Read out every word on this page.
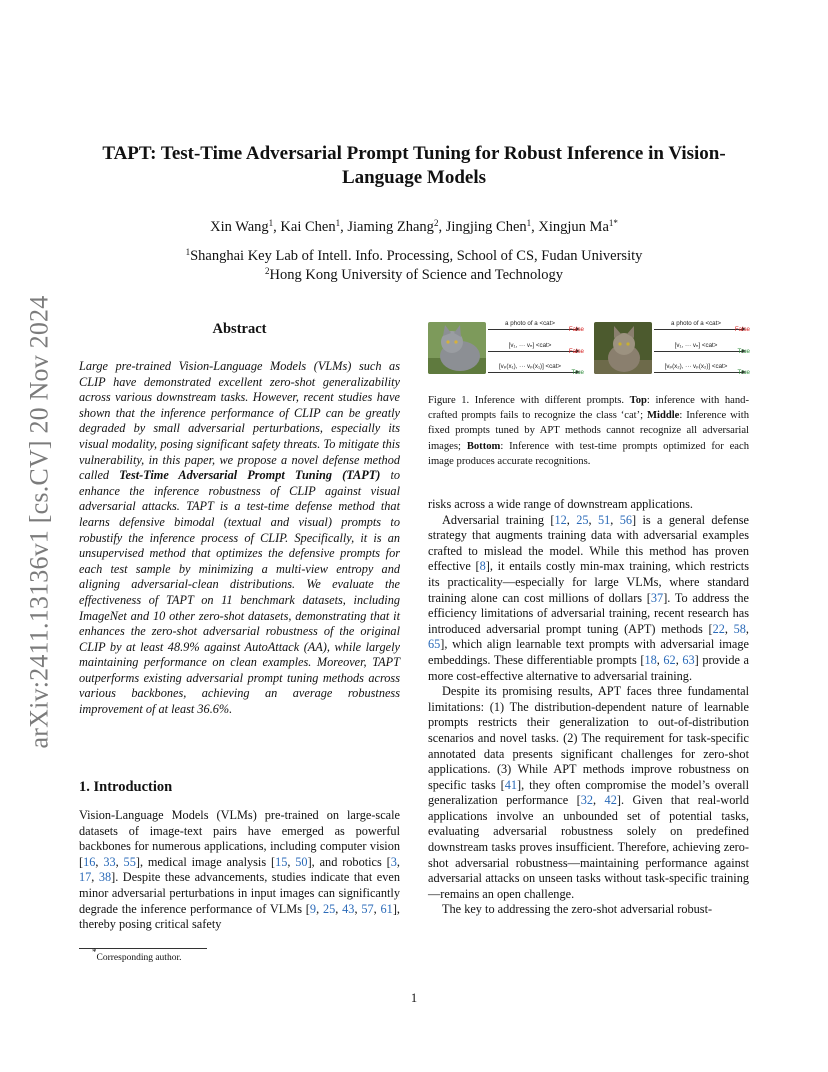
arXiv:2411.13136v1 [cs.CV] 20 Nov 2024
TAPT: Test-Time Adversarial Prompt Tuning for Robust Inference in Vision-Language Models
Xin Wang$^1$, Kai Chen$^1$, Jiaming Zhang$^2$, Jingjing Chen$^1$, Xingjun $Ma^{1*}$
$^1$Shanghai Key Lab of Intell. Info. Processing, School of CS, Fudan University
$^2$Hong Kong University of Science and Technology
Abstract
Large pre-trained Vision-Language Models (VLMs) such as CLIP have demonstrated excellent zero-shot generalizability across various downstream tasks. However, recent studies have shown that the inference performance of CLIP can be greatly degraded by small adversarial perturbations, especially its visual modality, posing significant safety threats. To mitigate this vulnerability, in this paper, we propose a novel defense method called Test-Time Adversarial Prompt Tuning (TAPT) to enhance the inference robustness of CLIP against visual adversarial attacks. TAPT is a test-time defense method that learns defensive bimodal (textual and visual) prompts to robustify the inference process of CLIP. Specifically, it is an unsupervised method that optimizes the defensive prompts for each test sample by minimizing a multi-view entropy and aligning adversarial-clean distributions. We evaluate the effectiveness of TAPT on 11 benchmark datasets, including ImageNet and 10 other zero-shot datasets, demonstrating that it enhances the zero-shot adversarial robustness of the original CLIP by at least 48.9% against AutoAttack (AA), while largely maintaining performance on clean examples. Moreover, TAPT outperforms existing adversarial prompt tuning methods across various backbones, achieving an average robustness improvement of at least 36.6%.
1. Introduction
Vision-Language Models (VLMs) pre-trained on large-scale datasets of image-text pairs have emerged as powerful backbones for numerous applications, including computer vision [16, 33, 55], medical image analysis [15, 50], and robotics [3, 17, 38]. Despite these advancements, studies indicate that even minor adversarial perturbations in input images can significantly degrade the inference performance of VLMs [9, 25, 43, 57, 61], thereby posing critical safety
*Corresponding author.
a photo of a <cat>
False
[v₁, ··· vₙ] <cat>
False
[vₚ(x₁), ··· vₚ(x₁)] <cat>
True
a photo of a <cat>
False
[v₁, ··· vₙ] <cat>
True
[vₚ(x₂), ··· vₚ(x₂)] <cat>
True
Figure 1. Inference with different prompts. Top: inference with hand-crafted prompts fails to recognize the class ‘cat’; Middle: Inference with fixed prompts tuned by APT methods cannot recognize all adversarial images; Bottom: Inference with test-time prompts optimized for each image produces accurate recognitions.

risks across a wide range of downstream applications.

Adversarial training [12, 25, 51, 56] is a general defense strategy that augments training data with adversarial examples crafted to mislead the model. While this method has proven effective [8], it entails costly min-max training, which restricts its practicality—especially for large VLMs, where standard training alone can cost millions of dollars [37]. To address the efficiency limitations of adversarial training, recent research has introduced adversarial prompt tuning (APT) methods [22, 58, 65], which align learnable text prompts with adversarial image embeddings. These differentiable prompts [18, 62, 63] provide a more cost-effective alternative to adversarial training.

Despite its promising results, APT faces three fundamental limitations: (1) The distribution-dependent nature of learnable prompts restricts their generalization to out-of-distribution scenarios and novel tasks. (2) The requirement for task-specific annotated data presents significant challenges for zero-shot applications. (3) While APT methods improve robustness on specific tasks [41], they often compromise the model’s overall generalization performance [32, 42]. Given that real-world applications involve an unbounded set of potential tasks, evaluating adversarial robustness solely on predefined downstream tasks proves insufficient. Therefore, achieving zero-shot adversarial robustness—maintaining performance against adversarial attacks on unseen tasks without task-specific training—remains an open challenge.

The key to addressing the zero-shot adversarial robust-

1
